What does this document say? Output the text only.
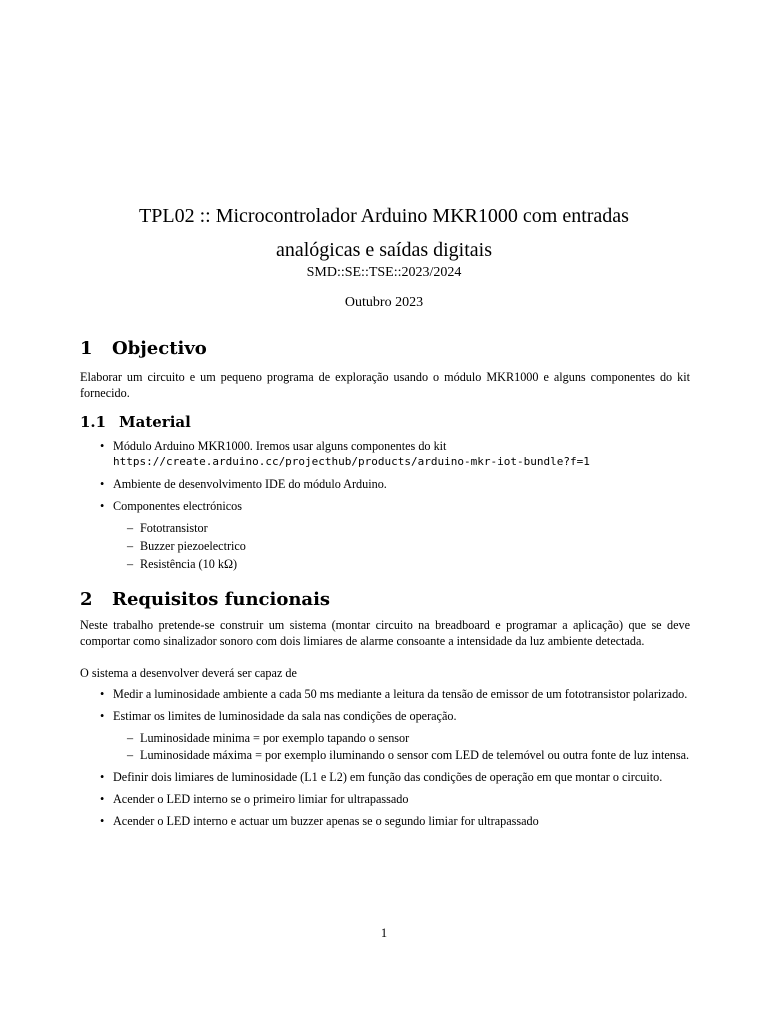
TPL02 :: Microcontrolador Arduino MKR1000 com entradas
analógicas e saídas digitais
SMD::SE::TSE::2023/2024
Outubro 2023
1 Objectivo
Elaborar um circuito e um pequeno programa de exploração usando o módulo MKR1000 e alguns componentes do kit fornecido.
1.1 Material
• Módulo Arduino MKR1000. Iremos usar alguns componentes do kit
https://create.arduino.cc/projecthub/products/arduino-mkr-iot-bundle?f=1
• Ambiente de desenvolvimento IDE do módulo Arduino.
• Componentes electrónicos
– Fototransistor
– Buzzer piezoelectrico
– Resistência (10 kΩ)
2 Requisitos funcionais
Neste trabalho pretende-se construir um sistema (montar circuito na breadboard e programar a aplicação) que se deve comportar como sinalizador sonoro com dois limiares de alarme consoante a intensidade da luz ambiente detectada.
O sistema a desenvolver deverá ser capaz de
• Medir a luminosidade ambiente a cada 50 ms mediante a leitura da tensão de emissor de um fototransistor polarizado.
• Estimar os limites de luminosidade da sala nas condições de operação.
– Luminosidade minima = por exemplo tapando o sensor
– Luminosidade máxima = por exemplo iluminando o sensor com LED de telemóvel ou outra fonte de luz intensa.
• Definir dois limiares de luminosidade (L1 e L2) em função das condições de operação em que montar o circuito.
• Acender o LED interno se o primeiro limiar for ultrapassado
• Acender o LED interno e actuar um buzzer apenas se o segundo limiar for ultrapassado
1
